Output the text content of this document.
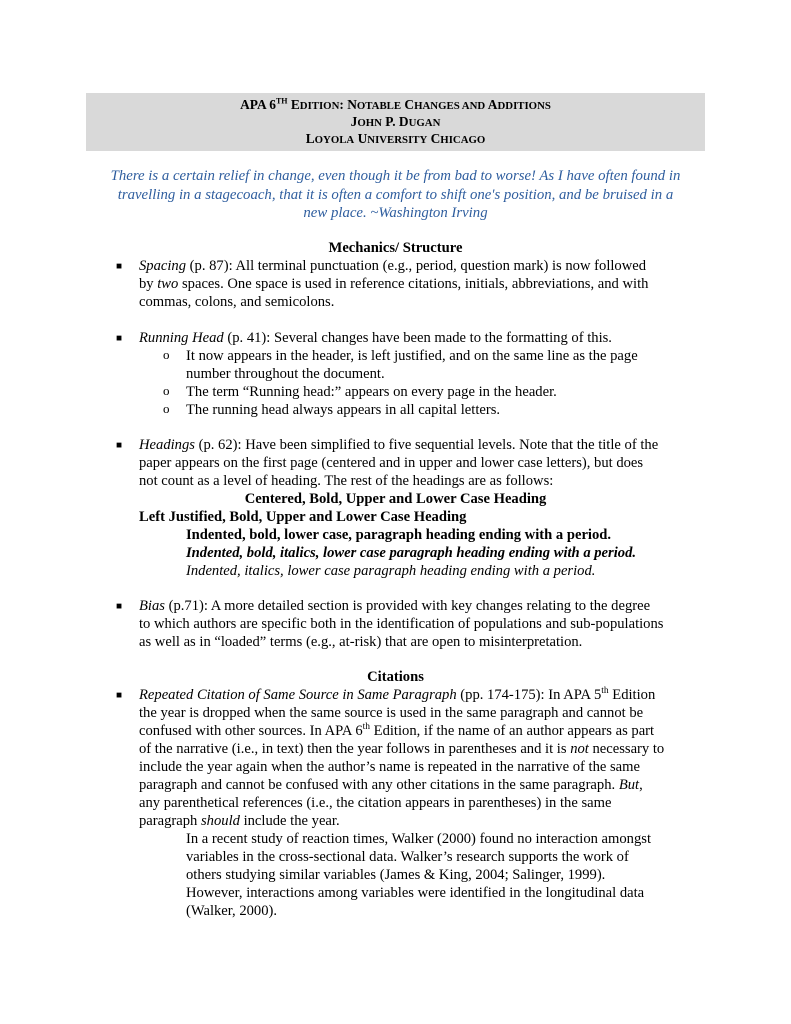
APA 6TH EDITION: NOTABLE CHANGES AND ADDITIONS
JOHN P. DUGAN
LOYOLA UNIVERSITY CHICAGO
There is a certain relief in change, even though it be from bad to worse! As I have often found in
travelling in a stagecoach, that it is often a comfort to shift one's position, and be bruised in a
new place. ~Washington Irving
Mechanics/ Structure
■ Spacing (p. 87): All terminal punctuation (e.g., period, question mark) is now followed
by two spaces. One space is used in reference citations, initials, abbreviations, and with
commas, colons, and semicolons.
■ Running Head (p. 41): Several changes have been made to the formatting of this.
o It now appears in the header, is left justified, and on the same line as the page
number throughout the document.
o The term “Running head:” appears on every page in the header.
o The running head always appears in all capital letters.
■ Headings (p. 62): Have been simplified to five sequential levels. Note that the title of the
paper appears on the first page (centered and in upper and lower case letters), but does
not count as a level of heading. The rest of the headings are as follows:
Centered, Bold, Upper and Lower Case Heading
Left Justified, Bold, Upper and Lower Case Heading
Indented, bold, lower case, paragraph heading ending with a period.
Indented, bold, italics, lower case paragraph heading ending with a period.
Indented, italics, lower case paragraph heading ending with a period.
■ Bias (p.71): A more detailed section is provided with key changes relating to the degree
to which authors are specific both in the identification of populations and sub-populations
as well as in “loaded” terms (e.g., at-risk) that are open to misinterpretation.
Citations
■ Repeated Citation of Same Source in Same Paragraph (pp. 174-175): In APA 5th Edition
the year is dropped when the same source is used in the same paragraph and cannot be
confused with other sources. In APA 6th Edition, if the name of an author appears as part
of the narrative (i.e., in text) then the year follows in parentheses and it is not necessary to
include the year again when the author’s name is repeated in the narrative of the same
paragraph and cannot be confused with any other citations in the same paragraph. But,
any parenthetical references (i.e., the citation appears in parentheses) in the same
paragraph should include the year.
In a recent study of reaction times, Walker (2000) found no interaction amongst
variables in the cross-sectional data. Walker’s research supports the work of
others studying similar variables (James & King, 2004; Salinger, 1999).
However, interactions among variables were identified in the longitudinal data
(Walker, 2000).
